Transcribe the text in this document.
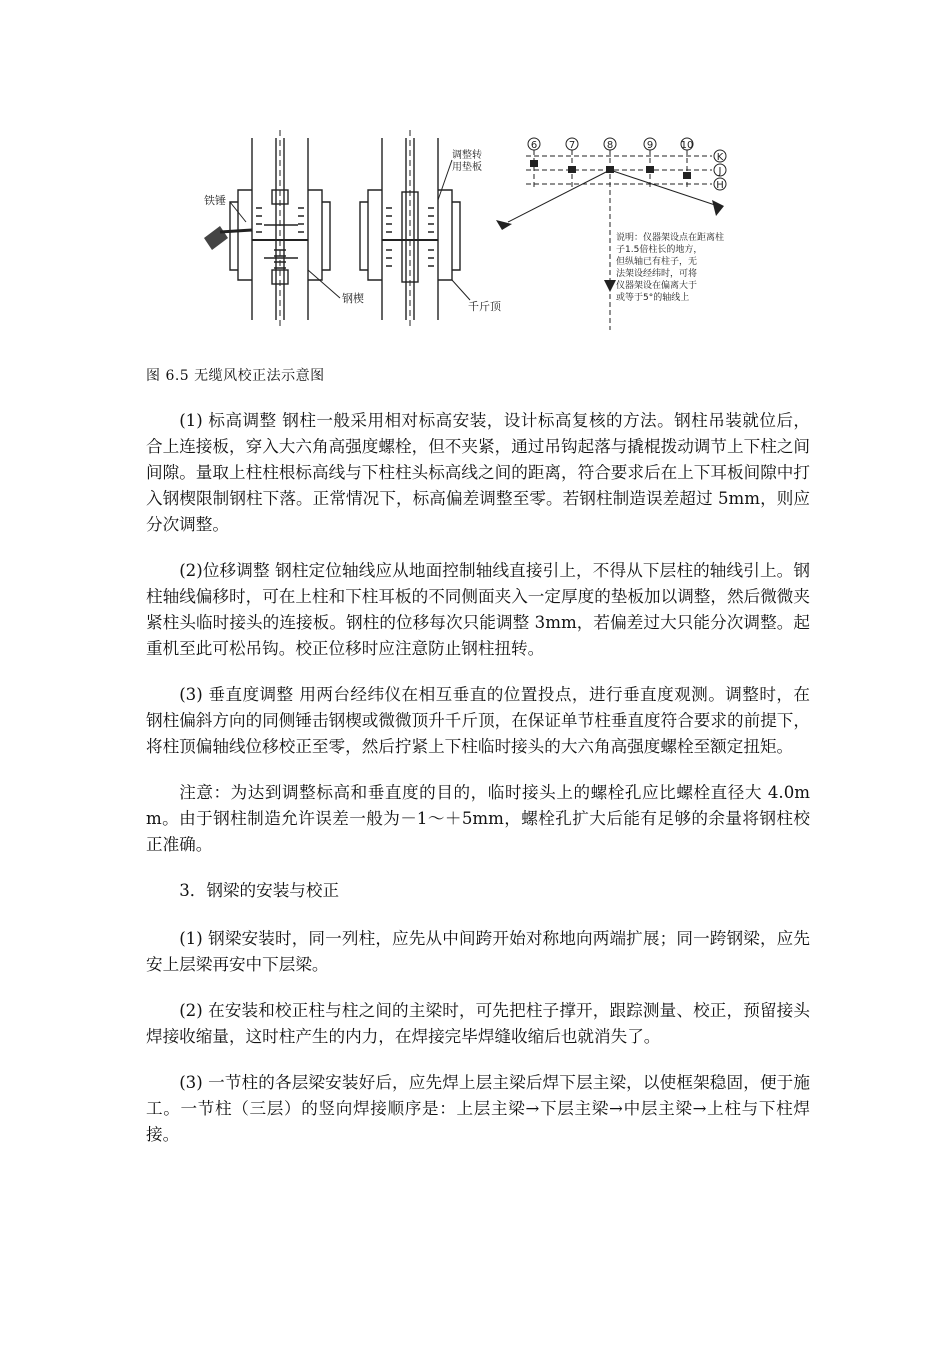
铁锤
钢楔
调整转用垫板
千斤顶
6	7	8	9	10
K
J
H
说明：仪器架设点在距离柱 子1.5倍柱长的地方， 但纵轴已有柱子，无 法架设经纬时，可将 仪器架设在偏离大于 或等于5°的轴线上
图 6.5 无缆风校正法示意图

(1) 标高调整 钢柱一般采用相对标高安装，设计标高复核的方法。钢柱吊装就位后，合上连接板，穿入大六角高强度螺栓，但不夹紧，通过吊钩起落与撬棍拨动调节上下柱之间间隙。量取上柱柱根标高线与下柱柱头标高线之间的距离，符合要求后在上下耳板间隙中打入钢楔限制钢柱下落。正常情况下，标高偏差调整至零。若钢柱制造误差超过 5mm，则应分次调整。

(2)位移调整 钢柱定位轴线应从地面控制轴线直接引上，不得从下层柱的轴线引上。钢柱轴线偏移时，可在上柱和下柱耳板的不同侧面夹入一定厚度的垫板加以调整，然后微微夹紧柱头临时接头的连接板。钢柱的位移每次只能调整 3mm，若偏差过大只能分次调整。起重机至此可松吊钩。校正位移时应注意防止钢柱扭转。

(3) 垂直度调整 用两台经纬仪在相互垂直的位置投点，进行垂直度观测。调整时，在钢柱偏斜方向的同侧锤击钢楔或微微顶升千斤顶，在保证单节柱垂直度符合要求的前提下，将柱顶偏轴线位移校正至零，然后拧紧上下柱临时接头的大六角高强度螺栓至额定扭矩。

注意：为达到调整标高和垂直度的目的，临时接头上的螺栓孔应比螺栓直径大 4.0mm。由于钢柱制造允许误差一般为－1～＋5mm，螺栓孔扩大后能有足够的余量将钢柱校正准确。

3．钢梁的安装与校正

(1) 钢梁安装时，同一列柱，应先从中间跨开始对称地向两端扩展；同一跨钢梁，应先安上层梁再安中下层梁。

(2) 在安装和校正柱与柱之间的主梁时，可先把柱子撑开，跟踪测量、校正，预留接头焊接收缩量，这时柱产生的内力，在焊接完毕焊缝收缩后也就消失了。

(3) 一节柱的各层梁安装好后，应先焊上层主梁后焊下层主梁，以使框架稳固，便于施工。一节柱（三层）的竖向焊接顺序是：上层主梁→下层主梁→中层主梁→上柱与下柱焊接。
